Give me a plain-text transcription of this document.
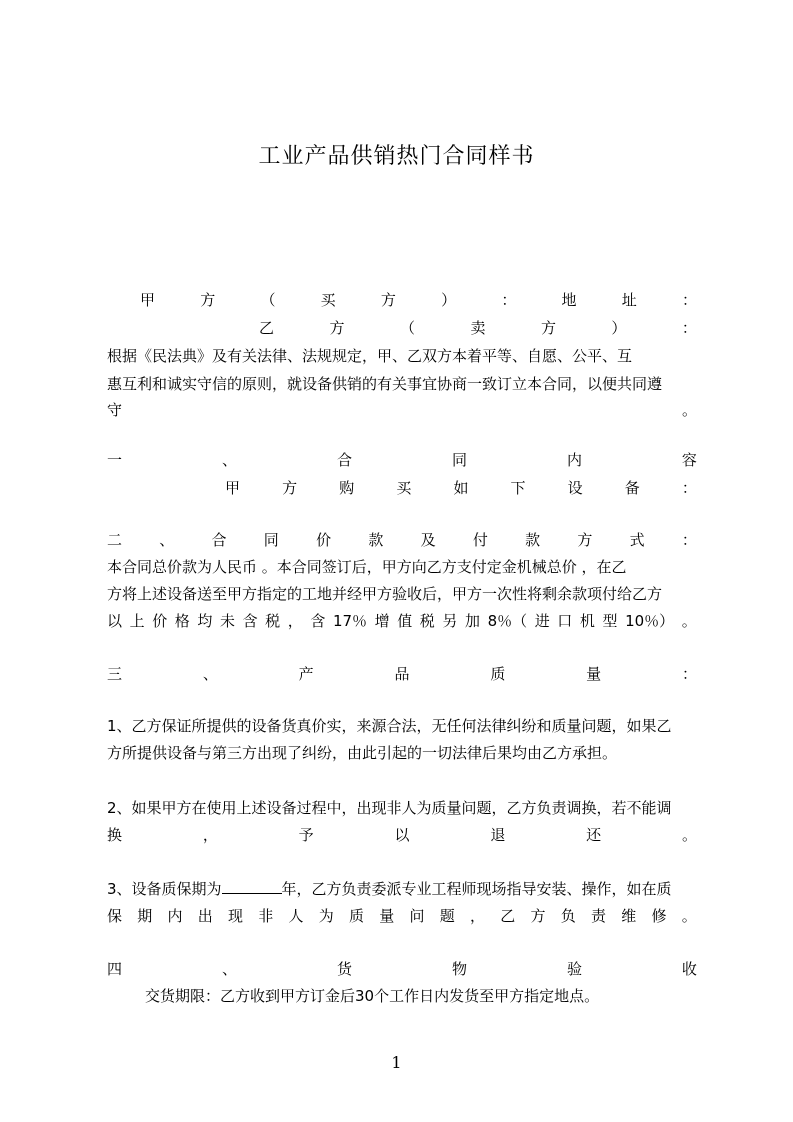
工业产品供销热门合同样书
甲	方	（	买	方	）	：	地	址	：
乙	方	（	卖	方	）	：
根据《民法典》及有关法律、法规规定，甲、乙双方本着平等、自愿、公平、互
惠互利和诚实守信的原则，就设备供销的有关事宜协商一致订立本合同，以便共同遵
守	。
一	、	合	同	内	容
甲	方	购	买	如	下	设	备	：
二 、 合 同 价 款 及 付 款 方 式 ：
本合同总价款为人民币 。本合同签订后，甲方向乙方支付定金机械总价 ，在乙
方将上述设备送至甲方指定的工地并经甲方验收后，甲方一次性将剩余款项付给乙方
以 上 价 格 均 未 含 税 ， 含 17％ 增 值 税 另 加 8％（ 进 口 机 型 10％） 。
三	、	产	品	质	量	：
1、乙方保证所提供的设备货真价实，来源合法，无任何法律纠纷和质量问题，如果乙
方所提供设备与第三方出现了纠纷，由此引起的一切法律后果均由乙方承担。
2、如果甲方在使用上述设备过程中，出现非人为质量问题，乙方负责调换，若不能调
换	，	予	以	退	还	。
3、设备质保期为	年，乙方负责委派专业工程师现场指导安装、操作，如在质
保 期 内 出 现 非 人 为 质 量 问 题 ， 乙 方 负 责 维 修 。
四	、	货	物	验	收
交货期限：乙方收到甲方订金后30个工作日内发货至甲方指定地点。
1
